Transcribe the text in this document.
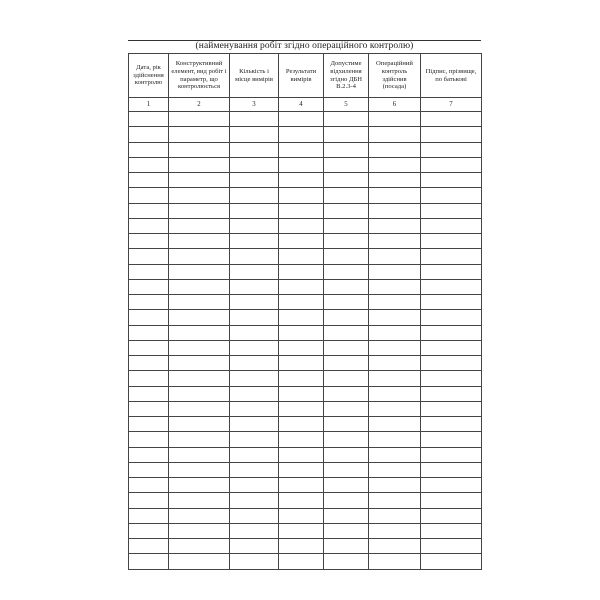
(найменування робіт згідно операційного контролю)
Дата, рік здійснення контролю	Конструктивний елемент, вид робіт і параметр, що контролюється	Кількість і місце вимірів	Результати вимірів	Допустиме відхилення згідно ДБН В.2.3-4	Операційний контроль здійснив (посада)	Підпис, прізвище, по батькові
1	2	3	4	5	6	7
